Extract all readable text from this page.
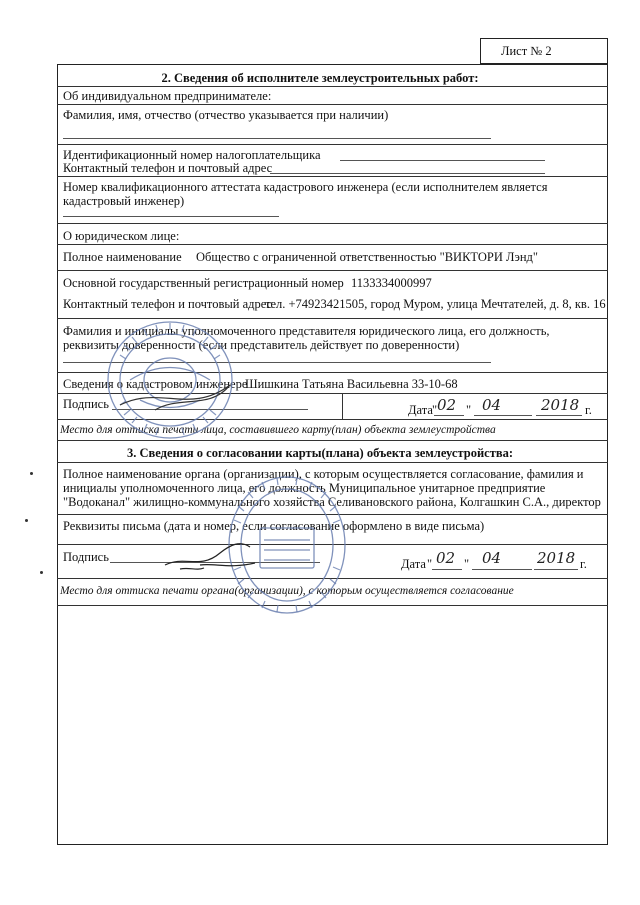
Лист № 2
2. Сведения об исполнителе землеустроительных работ:
Об индивидуальном предпринимателе:
Фамилия, имя, отчество (отчество указывается при наличии)
Идентификационный номер налогоплательщика
Контактный телефон и почтовый адрес
Номер квалификационного аттестата кадастрового инженера (если исполнителем является кадастровый инженер)
О юридическом лице:
Полное наименование Общество с ограниченной ответственностью "ВИКТОРИ Лэнд"
Основной государственный регистрационный номер 1133334000997
Контактный телефон и почтовый адрес
тел. +74923421505, город Муром, улица Мечтателей, д. 8, кв. 16
Фамилия и инициалы уполномоченного представителя юридического лица, его должность, реквизиты доверенности (если представитель действует по доверенности)
Сведения о кадастровом инженере
Шишкина Татьяна Васильевна 33-10-68
Подпись	Дата " 02 " 04	2018 г.
Место для оттиска печати лица, составившего карту(план) объекта землеустройства
3. Сведения о согласовании карты(плана) объекта землеустройства:
Полное наименование органа (организации), с которым осуществляется согласование, фамилия и инициалы уполномоченного лица, его должность Муниципальное унитарное предприятие "Водоканал" жилищно-коммунального хозяйства Селивановского района, Колгашкин С.А., директор
Реквизиты письма (дата и номер, если согласование оформлено в виде письма)
Подпись	Дата " 02 " 04 2018 г.
Место для оттиска печати органа(организации), с которым осуществляется согласование
